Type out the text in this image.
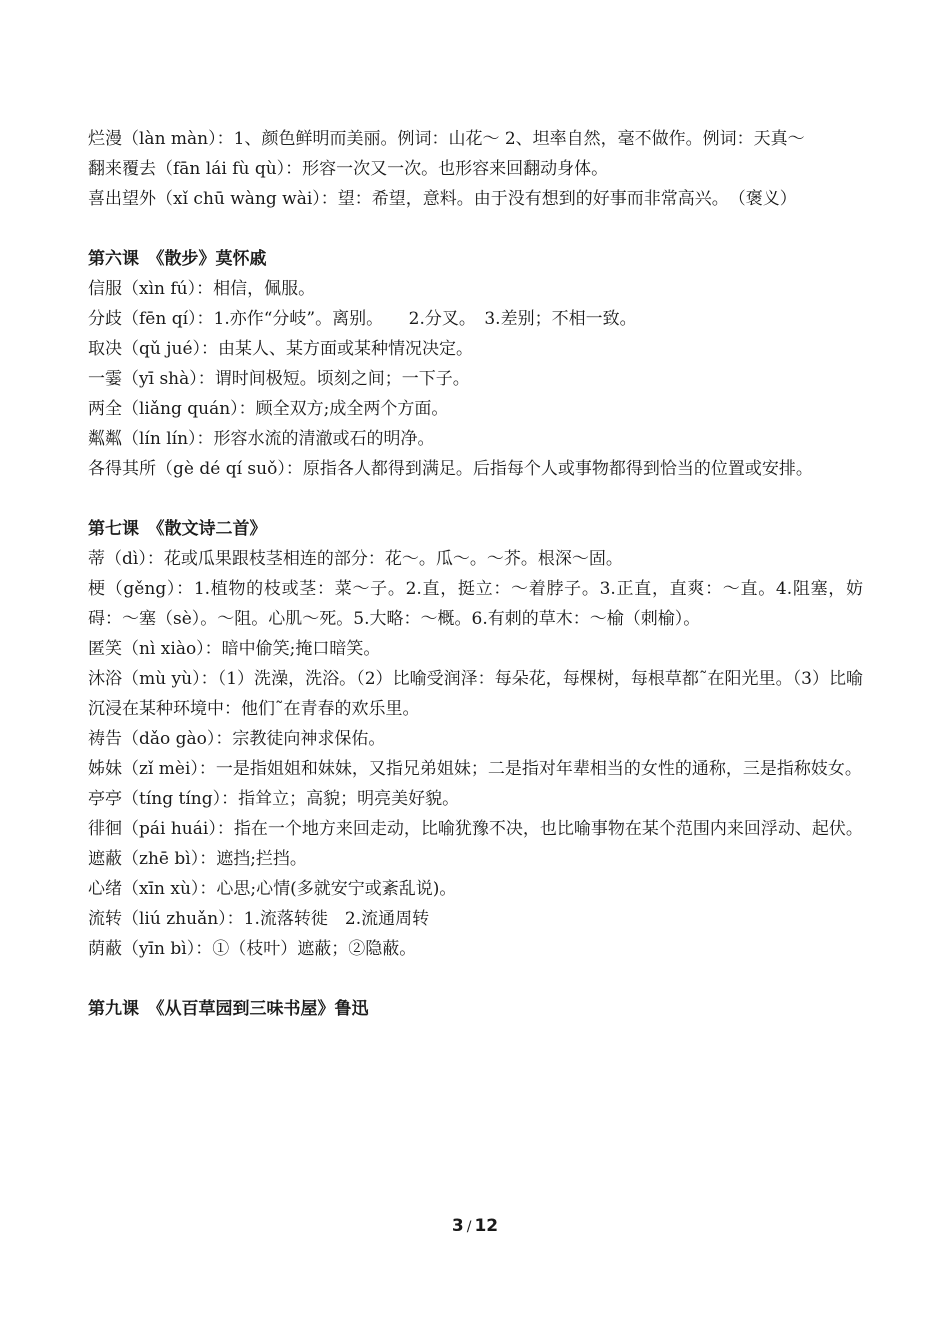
烂漫（làn màn）：1、颜色鲜明而美丽。例词：山花～ 2、坦率自然，毫不做作。例词：天真～

翻来覆去（fān lái fù qù）：形容一次又一次。也形容来回翻动身体。

喜出望外（xǐ chū wàng wài）：望：希望，意料。由于没有想到的好事而非常高兴。　（褒义）

第六课　《散步》莫怀戚

信服（xìn fú）：相信，佩服。

分歧（fēn qí）：1.亦作“分岐”。离别。　　2.分叉。　3.差别；不相一致。

取决（qǔ jué）：由某人、某方面或某种情况决定。

一霎（yī shà）：谓时间极短。顷刻之间；一下子。

两全（liǎng quán）：顾全双方;成全两个方面。

粼粼（lín lín）：形容水流的清澈或石的明净。

各得其所（gè dé qí suǒ）：原指各人都得到满足。后指每个人或事物都得到恰当的位置或安排。

第七课　《散文诗二首》

蒂（dì）：花或瓜果跟枝茎相连的部分：花～。瓜～。～芥。根深～固。

梗（gěng）：1.植物的枝或茎：菜～子。2.直，挺立：～着脖子。3.正直，直爽：～直。4.阻塞，妨碍：～塞（sè）。～阻。心肌～死。5.大略：～概。6.有刺的草木：～榆（刺榆）。

匿笑（nì xiào）：暗中偷笑;掩口暗笑。

沐浴（mù yù）：（1）洗澡，洗浴。（2）比喻受润泽：每朵花，每棵树，每根草都˜在阳光里。（3）比喻沉浸在某种环境中：他们˜在青春的欢乐里。

祷告（dǎo gào）：宗教徒向神求保佑。

姊妹（zǐ mèi）：一是指姐姐和妹妹，又指兄弟姐妹；二是指对年辈相当的女性的通称，三是指称妓女。

亭亭（tíng tíng）：指耸立；高貌；明亮美好貌。

徘徊（pái huái）：指在一个地方来回走动，比喻犹豫不决，也比喻事物在某个范围内来回浮动、起伏。

遮蔽（zhē bì）：遮挡;拦挡。

心绪（xīn xù）：心思;心情(多就安宁或紊乱说)。

流转（liú zhuǎn）：1.流落转徙　2.流通周转

荫蔽（yīn bì）：①（枝叶）遮蔽；②隐蔽。

第九课　《从百草园到三味书屋》鲁迅

3 / 12
